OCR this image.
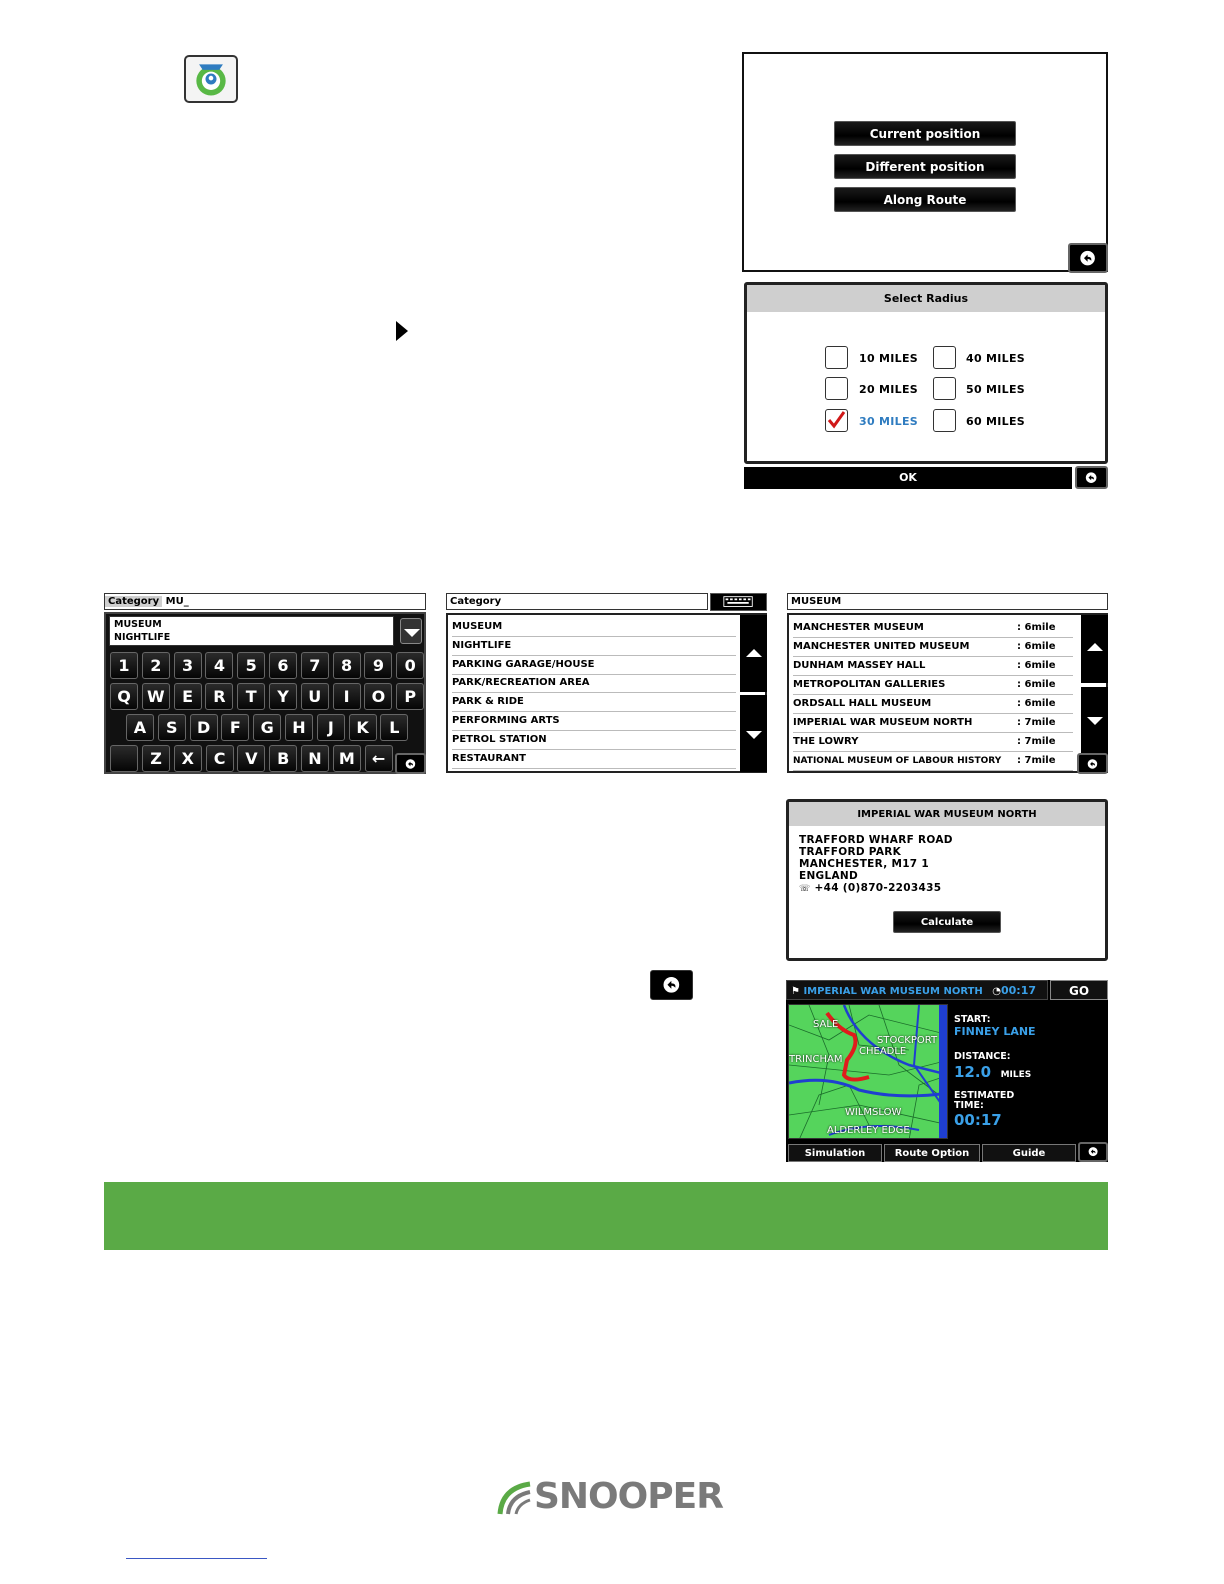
Current position
Different position
Along Route
Select Radius
10 MILES	40 MILES
20 MILES	50 MILES
30 MILES	60 MILES
OK
Category MU_
MUSEUM
NIGHTLIFE
1	2	3	4	5	6	7	8	9	0
Q	W	E	R	T	Y	U	I	O	P
A	S	D	F	G	H	J	K	L
Z	X	C	V	B	N	M	←
Category
MUSEUM
NIGHTLIFE
PARKING GARAGE/HOUSE
PARK/RECREATION AREA
PARK & RIDE
PERFORMING ARTS
PETROL STATION
RESTAURANT
MUSEUM
MANCHESTER MUSEUM	: 6mile
MANCHESTER UNITED MUSEUM	: 6mile
DUNHAM MASSEY HALL	: 6mile
METROPOLITAN GALLERIES	: 6mile
ORDSALL HALL MUSEUM	: 6mile
IMPERIAL WAR MUSEUM NORTH	: 7mile
THE LOWRY	: 7mile
NATIONAL MUSEUM OF LABOUR HISTORY : 7mile
IMPERIAL WAR MUSEUM NORTH
TRAFFORD WHARF ROAD
TRAFFORD PARK
MANCHESTER, M17 1
ENGLAND
☏ +44 (0)870-2203435
Calculate
⚑ IMPERIAL WAR MUSEUM NORTH ◔00:17	GO
SALE
STOCKPORT
CHEADLE
TRINCHAM
WILMSLOW
ALDERLEY EDGE
START:
FINNEY LANE
DISTANCE:
12.0 MILES
ESTIMATED
TIME:
00:17
Simulation	Route Option	Guide
SNOOPER
